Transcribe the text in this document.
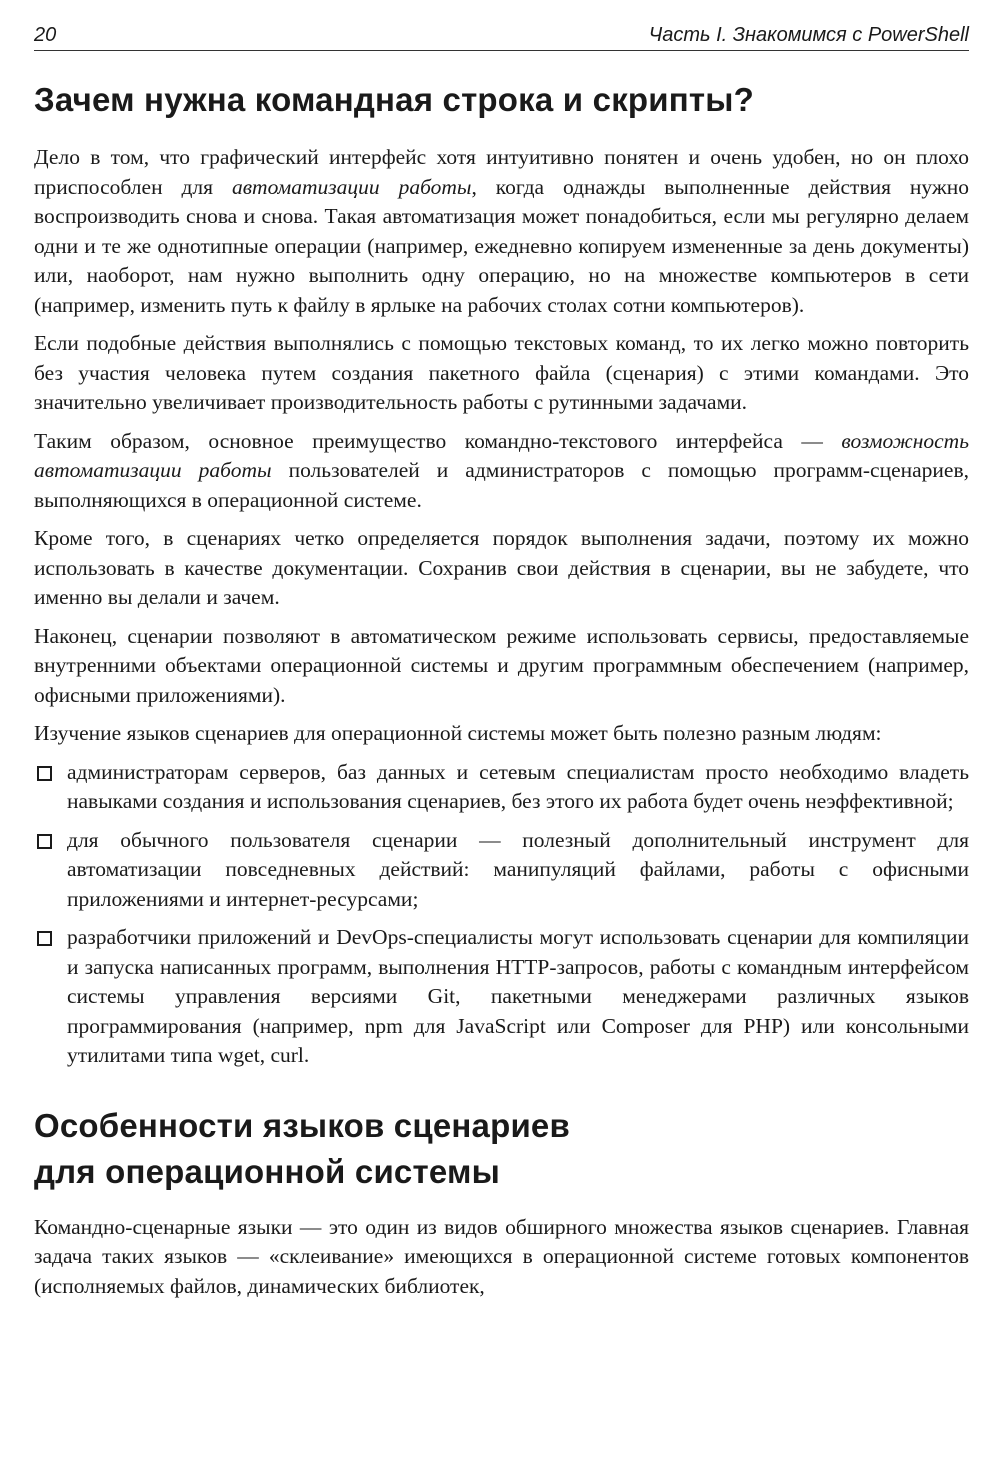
20	Часть I. Знакомимся с PowerShell
Зачем нужна командная строка и скрипты?

Дело в том, что графический интерфейс хотя интуитивно понятен и очень удобен, но он плохо приспособлен для автоматизации работы, когда однажды выполненные действия нужно воспроизводить снова и снова. Такая автоматизация может понадобиться, если мы регулярно делаем одни и те же однотипные операции (например, ежедневно копируем измененные за день документы) или, наоборот, нам нужно выполнить одну операцию, но на множестве компьютеров в сети (например, изменить путь к файлу в ярлыке на рабочих столах сотни компьютеров).

Если подобные действия выполнялись с помощью текстовых команд, то их легко можно повторить без участия человека путем создания пакетного файла (сценария) с этими командами. Это значительно увеличивает производительность работы с рутинными задачами.

Таким образом, основное преимущество командно-текстового интерфейса — возможность автоматизации работы пользователей и администраторов с помощью программ-сценариев, выполняющихся в операционной системе.

Кроме того, в сценариях четко определяется порядок выполнения задачи, поэтому их можно использовать в качестве документации. Сохранив свои действия в сценарии, вы не забудете, что именно вы делали и зачем.

Наконец, сценарии позволяют в автоматическом режиме использовать сервисы, предоставляемые внутренними объектами операционной системы и другим программным обеспечением (например, офисными приложениями).

Изучение языков сценариев для операционной системы может быть полезно разным людям:

администраторам серверов, баз данных и сетевым специалистам просто необходимо владеть навыками создания и использования сценариев, без этого их работа будет очень неэффективной;
для обычного пользователя сценарии — полезный дополнительный инструмент для автоматизации повседневных действий: манипуляций файлами, работы с офисными приложениями и интернет-ресурсами;
разработчики приложений и DevOps-специалисты могут использовать сценарии для компиляции и запуска написанных программ, выполнения HTTP-запросов, работы с командным интерфейсом системы управления версиями Git, пакетными менеджерами различных языков программирования (например, npm для JavaScript или Composer для PHP) или консольными утилитами типа wget, curl.
Особенности языков сценариев
для операционной системы

Командно-сценарные языки — это один из видов обширного множества языков сценариев. Главная задача таких языков — «склеивание» имеющихся в операционной системе готовых компонентов (исполняемых файлов, динамических библиотек,
